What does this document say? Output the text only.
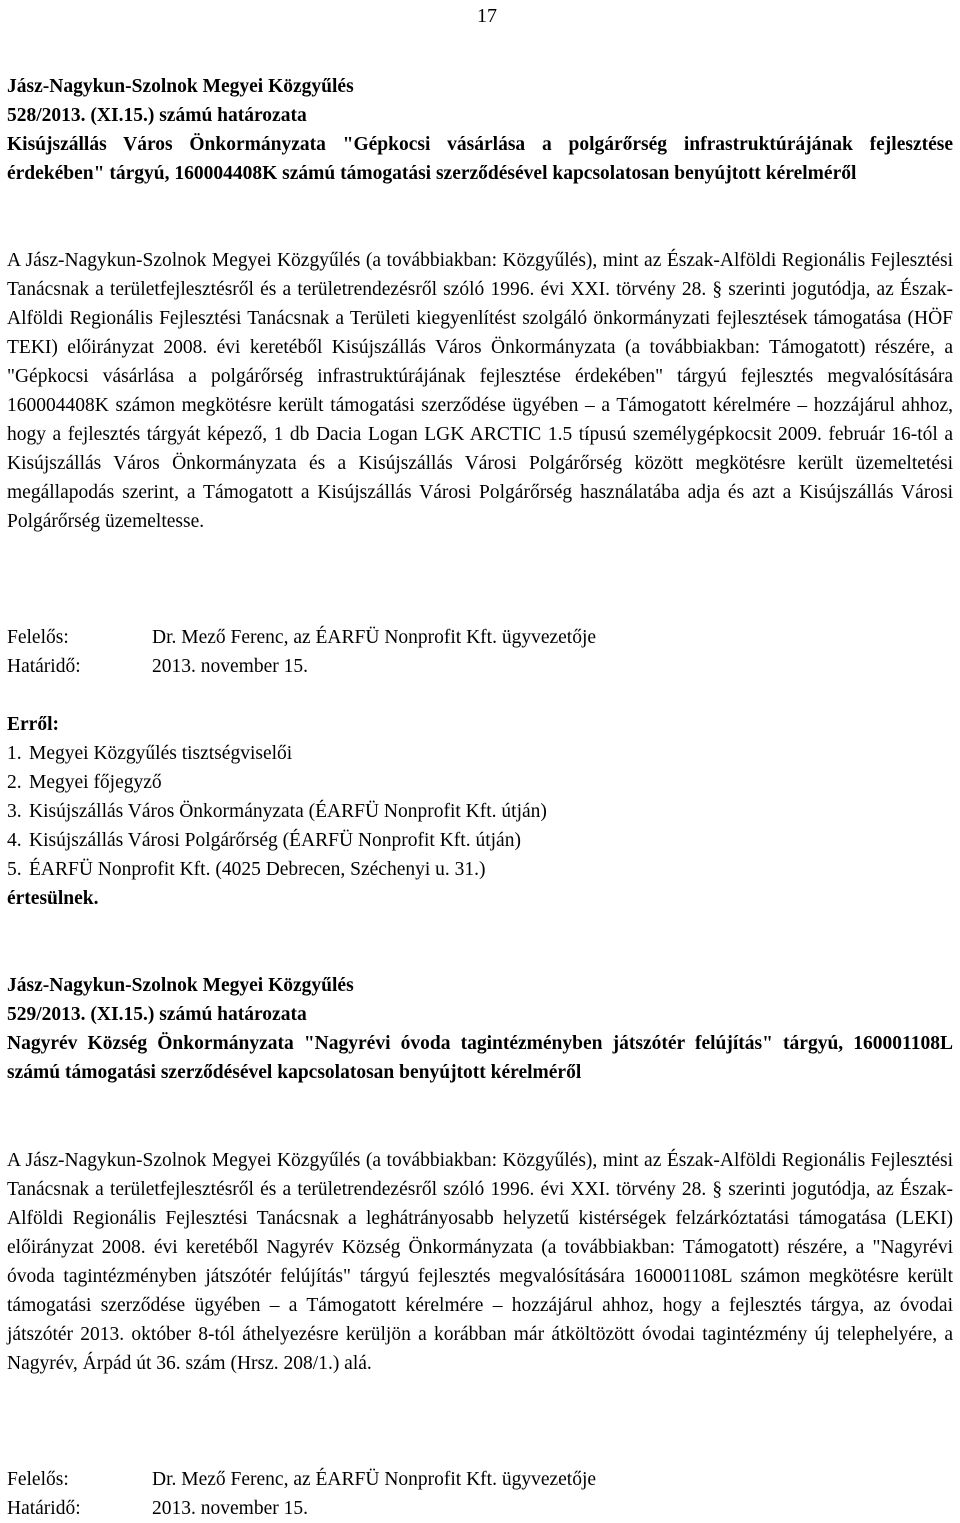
17

Jász-Nagykun-Szolnok Megyei Közgyűlés

528/2013. (XI.15.) számú határozata

Kisújszállás Város Önkormányzata "Gépkocsi vásárlása a polgárőrség infrastruktúrájának fejlesztése érdekében" tárgyú, 160004408K számú támogatási szerződésével kapcsolatosan benyújtott kérelméről

A Jász-Nagykun-Szolnok Megyei Közgyűlés (a továbbiakban: Közgyűlés), mint az Észak-Alföldi Regionális Fejlesztési Tanácsnak a területfejlesztésről és a területrendezésről szóló 1996. évi XXI. törvény 28. § szerinti jogutódja, az Észak-Alföldi Regionális Fejlesztési Tanácsnak a Területi kiegyenlítést szolgáló önkormányzati fejlesztések támogatása (HÖF TEKI) előirányzat 2008. évi keretéből Kisújszállás Város Önkormányzata (a továbbiakban: Támogatott) részére, a "Gépkocsi vásárlása a polgárőrség infrastruktúrájának fejlesztése érdekében" tárgyú fejlesztés megvalósítására 160004408K számon megkötésre került támogatási szerződése ügyében – a Támogatott kérelmére – hozzájárul ahhoz, hogy a fejlesztés tárgyát képező, 1 db Dacia Logan LGK ARCTIC 1.5 típusú személygépkocsit 2009. február 16-tól a Kisújszállás Város Önkormányzata és a Kisújszállás Városi Polgárőrség között megkötésre került üzemeltetési megállapodás szerint, a Támogatott a Kisújszállás Városi Polgárőrség használatába adja és azt a Kisújszállás Városi Polgárőrség üzemeltesse.
Felelős:	Dr. Mező Ferenc, az ÉARFÜ Nonprofit Kft. ügyvezetője
Határidő:	2013. november 15.

Erről:

1. Megyei Közgyűlés tisztségviselői
2. Megyei főjegyző
3. Kisújszállás Város Önkormányzata (ÉARFÜ Nonprofit Kft. útján)
4. Kisújszállás Városi Polgárőrség (ÉARFÜ Nonprofit Kft. útján)
5. ÉARFÜ Nonprofit Kft. (4025 Debrecen, Széchenyi u. 31.)

értesülnek.

Jász-Nagykun-Szolnok Megyei Közgyűlés

529/2013. (XI.15.) számú határozata

Nagyrév Község Önkormányzata "Nagyrévi óvoda tagintézményben játszótér felújítás" tárgyú, 160001108L számú támogatási szerződésével kapcsolatosan benyújtott kérelméről

A Jász-Nagykun-Szolnok Megyei Közgyűlés (a továbbiakban: Közgyűlés), mint az Észak-Alföldi Regionális Fejlesztési Tanácsnak a területfejlesztésről és a területrendezésről szóló 1996. évi XXI. törvény 28. § szerinti jogutódja, az Észak-Alföldi Regionális Fejlesztési Tanácsnak a leghátrányosabb helyzetű kistérségek felzárkóztatási támogatása (LEKI) előirányzat 2008. évi keretéből Nagyrév Község Önkormányzata (a továbbiakban: Támogatott) részére, a "Nagyrévi óvoda tagintézményben játszótér felújítás" tárgyú fejlesztés megvalósítására 160001108L számon megkötésre került támogatási szerződése ügyében – a Támogatott kérelmére – hozzájárul ahhoz, hogy a fejlesztés tárgya, az óvodai játszótér 2013. október 8-tól áthelyezésre kerüljön a korábban már átköltözött óvodai tagintézmény új telephelyére, a Nagyrév, Árpád út 36. szám (Hrsz. 208/1.) alá.
Felelős:	Dr. Mező Ferenc, az ÉARFÜ Nonprofit Kft. ügyvezetője
Határidő:	2013. november 15.
